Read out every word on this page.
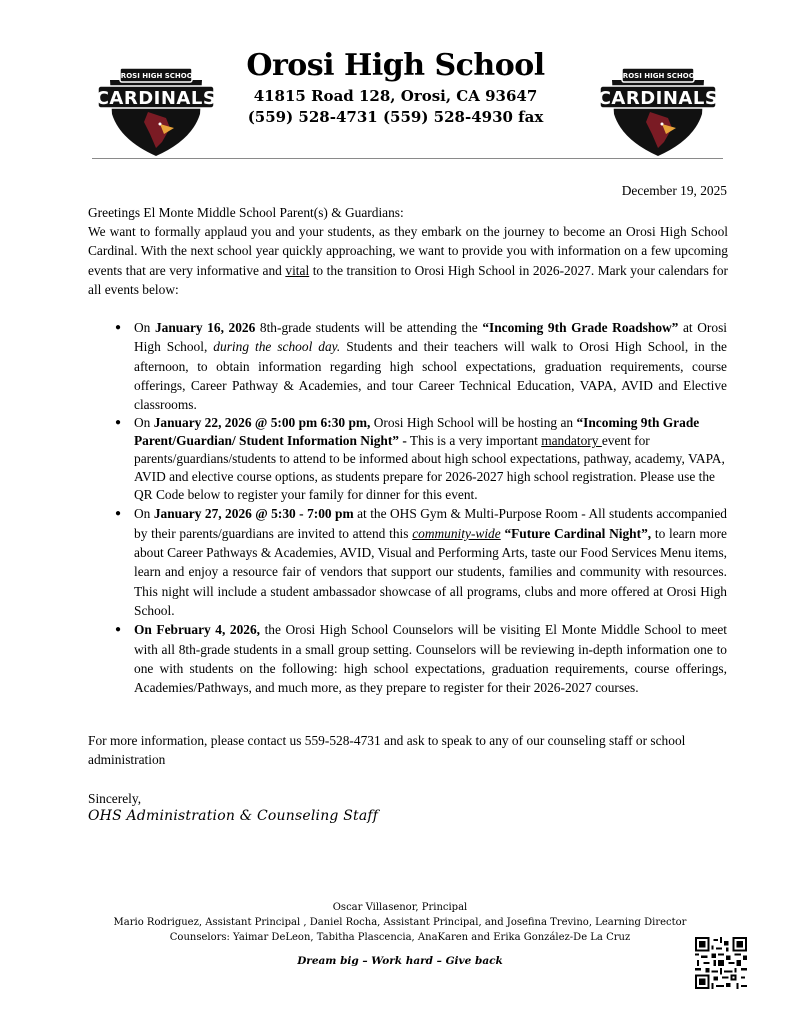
OROSI HIGH SCHOOL
CARDINALS
Orosi High School
41815 Road 128, Orosi, CA 93647
(559) 528-4731 (559) 528-4930 fax
OROSI HIGH SCHOOL
CARDINALS
December 19, 2025
Greetings El Monte Middle School Parent(s) & Guardians:
We want to formally applaud you and your students, as they embark on the journey to become an Orosi High School Cardinal. With the next school year quickly approaching, we want to provide you with information on a few upcoming events that are very informative and vital to the transition to Orosi High School in 2026-2027. Mark your calendars for all events below:
● On January 16, 2026 8th-grade students will be attending the “Incoming 9th Grade Roadshow” at Orosi High School, during the school day. Students and their teachers will walk to Orosi High School, in the afternoon, to obtain information regarding high school expectations, graduation requirements, course offerings, Career Pathway & Academies, and tour Career Technical Education, VAPA, AVID and Elective classrooms.
● On January 22, 2026 @ 5:00 pm 6:30 pm, Orosi High School will be hosting an “Incoming 9th Grade Parent/Guardian/ Student Information Night” - This is a very important mandatory event for parents/guardians/students to attend to be informed about high school expectations, pathway, academy, VAPA, AVID and elective course options, as students prepare for 2026-2027 high school registration. Please use the QR Code below to register your family for dinner for this event.
● On January 27, 2026 @ 5:30 - 7:00 pm at the OHS Gym & Multi-Purpose Room - All students accompanied by their parents/guardians are invited to attend this community-wide “Future Cardinal Night”, to learn more about Career Pathways & Academies, AVID, Visual and Performing Arts, taste our Food Services Menu items, learn and enjoy a resource fair of vendors that support our students, families and community with resources. This night will include a student ambassador showcase of all programs, clubs and more offered at Orosi High School.
● On February 4, 2026, the Orosi High School Counselors will be visiting El Monte Middle School to meet with all 8th-grade students in a small group setting. Counselors will be reviewing in-depth information one to one with students on the following: high school expectations, graduation requirements, course offerings, Academies/Pathways, and much more, as they prepare to register for their 2026-2027 courses.
For more information, please contact us 559-528-4731 and ask to speak to any of our counseling staff or school administration
Sincerely,
OHS Administration & Counseling Staff
Oscar Villasenor, Principal
Mario Rodriguez, Assistant Principal , Daniel Rocha, Assistant Principal, and Josefina Trevino, Learning Director
Counselors: Yaimar DeLeon, Tabitha Plascencia, AnaKaren and Erika González-De La Cruz
Dream big – Work hard – Give back
